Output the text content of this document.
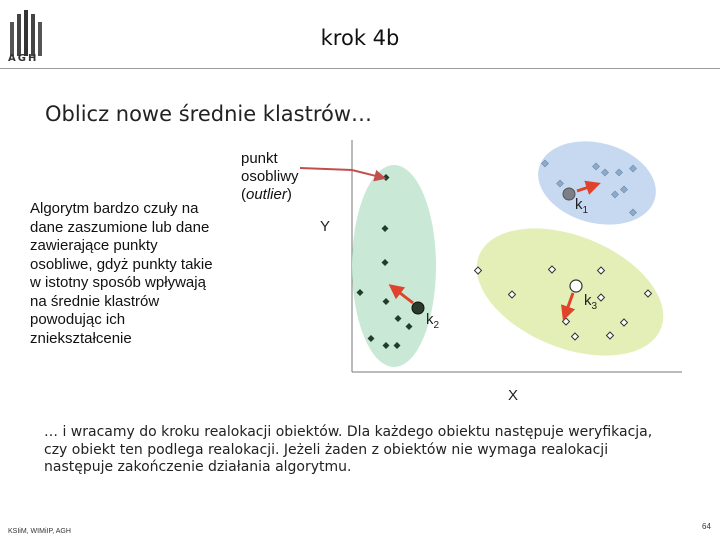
AGH
krok 4b
Oblicz nowe średnie klastrów…
Algorytm bardzo czuły na dane zaszumione lub dane zawierające punkty osobliwe, gdyż punkty takie w istotny sposób wpływają na średnie klastrów powodując ich zniekształcenie
punkt
osobliwy
(outlier)
$k_1$
$k_2$
$k_3$
Y
X
… i wracamy do kroku realokacji obiektów. Dla każdego obiektu następuje weryfikacja, czy obiekt ten podlega realokacji. Jeżeli żaden z obiektów nie wymaga realokacji następuje zakończenie działania algorytmu.
KSIiM, WIMiIP, AGH
64
